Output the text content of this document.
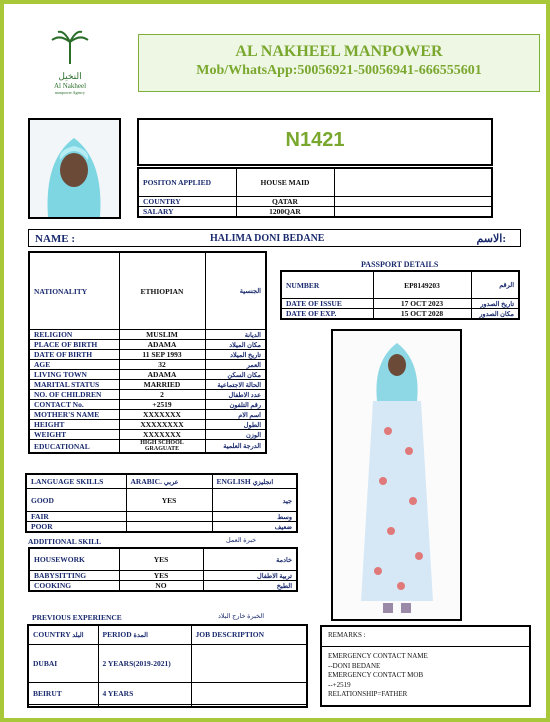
النخيل
Al Nakheel
manpower Agency
AL NAKHEEL MANPOWER
Mob/WhatsApp:50056921-50056941-666555601
N1421
POSITON APPLIED	HOUSE MAID	
COUNTRY	QATAR	
SALARY	1200QAR	
NAME :	HALIMA DONI BEDANE	الاسم:
NATIONALITY	ETHIOPIAN	الجنسية
RELIGION	MUSLIM	الديانة
PLACE OF BIRTH	ADAMA	مكان الميلاد
DATE OF BIRTH	11 SEP 1993	تاريخ الميلاد
AGE	32	العمر
LIVING TOWN	ADAMA	مكان السكن
MARITAL STATUS	MARRIED	الحالة الاجتماعية
NO. OF CHILDREN	2	عدد الاطفال
CONTACT No.	+2519	رقم التلفون
MOTHER'S NAME	XXXXXXX	اسم الام
HEIGHT	XXXXXXXX	الطول
WEIGHT	XXXXXXX	الوزن
EDUCATIONAL	HIGH SCHOOL GRAGUATE	الدرجة العلمية
PASSPORT DETAILS
NUMBER	EP8149203	الرقم
DATE OF ISSUE	17 OCT 2023	تاريخ الصدور
DATE OF EXP.	15 OCT 2028	مكان الصدور
LANGUAGE SKILLS	ARABIC. عربي	ENGLISH انجليزي
GOOD	YES	جيد
FAIR		وسط
POOR		ضعيف
ADDITIONAL SKILL	خبرة العمل
HOUSEWORK	YES	خادمة
BABYSITTING	YES	تربية الاطفال
COOKING	NO	الطبخ
PREVIOUS EXPERIENCE	الخبرة خارج البلاد
COUNTRY البلد	PERIOD المدة	JOB DESCRIPTION
DUBAI	2 YEARS(2019-2021)	
BEIRUT	4 YEARS	

REMARKS :
EMERGENCY CONTACT NAME
--DONI BEDANE
EMERGENCY CONTACT MOB
--+2519
RELATIONSHIP=FATHER
